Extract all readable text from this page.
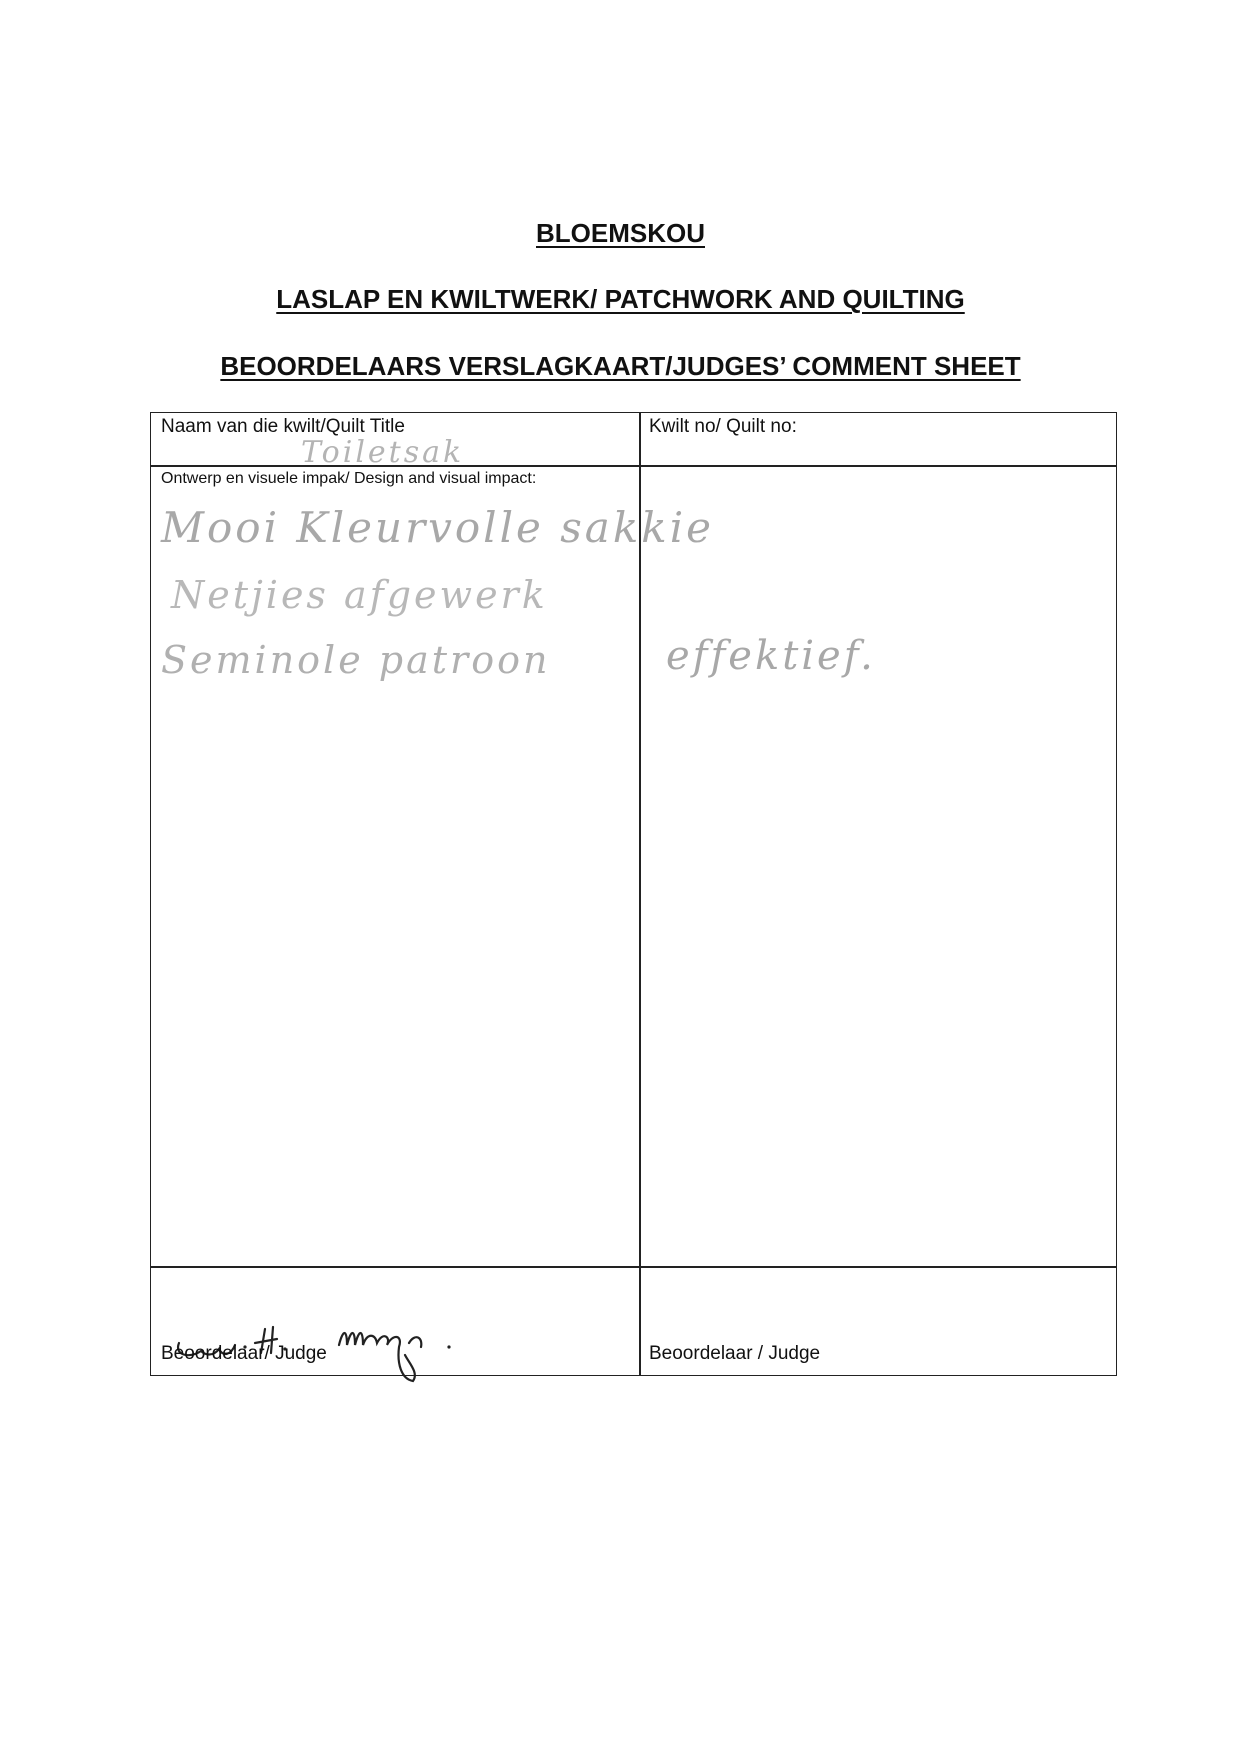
BLOEMSKOU
LASLAP EN KWILTWERK/ PATCHWORK AND QUILTING
BEOORDELAARS VERSLAGKAART/JUDGES’ COMMENT SHEET
Naam van die kwilt/Quilt Title
Toiletsak
Kwilt no/ Quilt no:
Ontwerp en visuele impak/ Design and visual impact:
Mooi Kleurvolle sakkie
Netjies afgewerk
Seminole patroon	effektief.
Beoordelaar/ Judge	Beoordelaar / Judge
